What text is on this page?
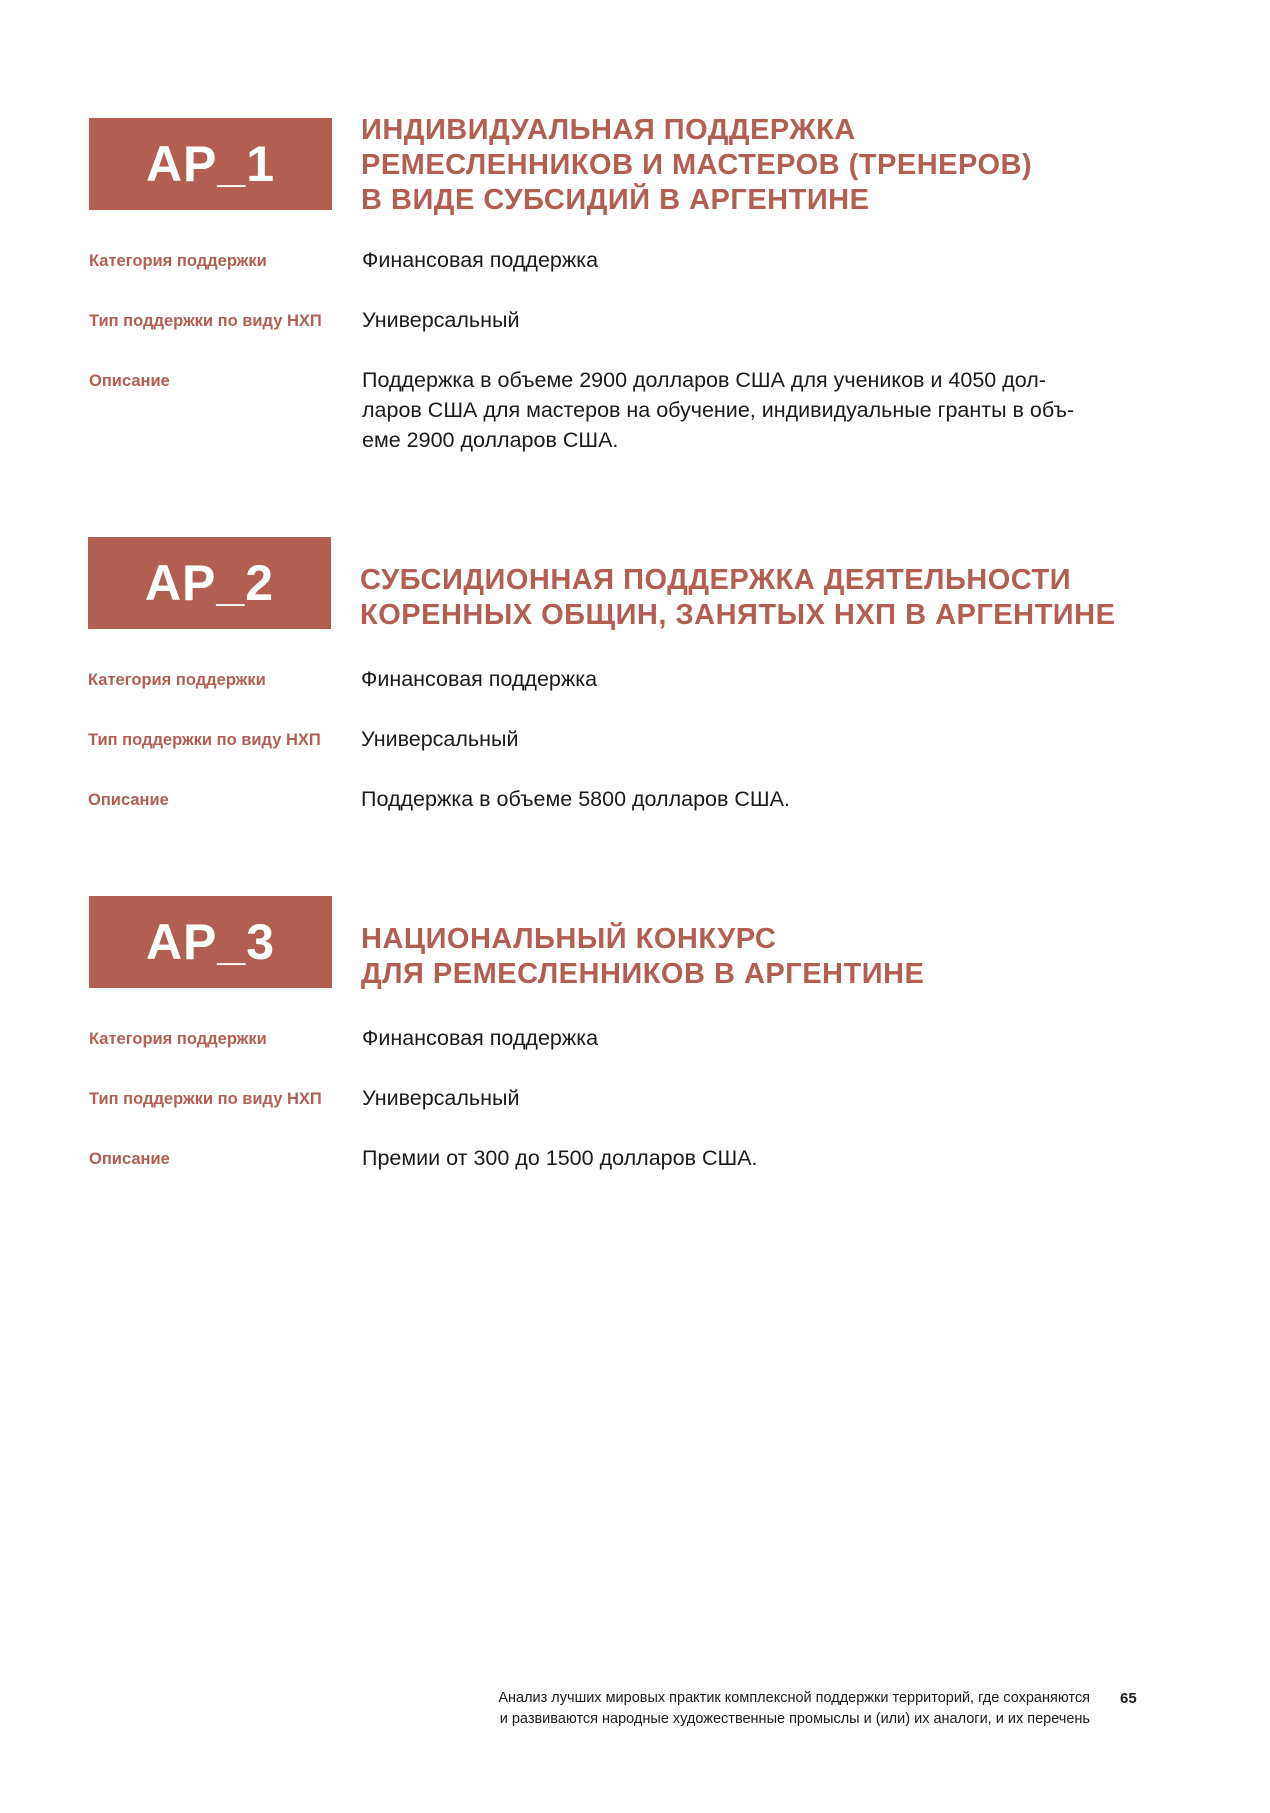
AP_1
ИНДИВИДУАЛЬНАЯ ПОДДЕРЖКА
РЕМЕСЛЕННИКОВ И МАСТЕРОВ (ТРЕНЕРОВ)
В ВИДЕ СУБСИДИЙ В АРГЕНТИНЕ
Категория поддержки	Финансовая поддержка
Тип поддержки по виду НХП	Универсальный
Описание	Поддержка в объеме 2900 долларов США для учеников и 4050 дол-
ларов США для мастеров на обучение, индивидуальные гранты в объ-
еме 2900 долларов США.
AP_2	СУБСИДИОННАЯ ПОДДЕРЖКА ДЕЯТЕЛЬНОСТИ
КОРЕННЫХ ОБЩИН, ЗАНЯТЫХ НХП В АРГЕНТИНЕ
Категория поддержки	Финансовая поддержка
Тип поддержки по виду НХП	Универсальный
Описание	Поддержка в объеме 5800 долларов США.
AP_3	НАЦИОНАЛЬНЫЙ КОНКУРС
ДЛЯ РЕМЕСЛЕННИКОВ В АРГЕНТИНЕ
Категория поддержки	Финансовая поддержка
Тип поддержки по виду НХП	Универсальный
Описание	Премии от 300 до 1500 долларов США.
Анализ лучших мировых практик комплексной поддержки территорий, где сохраняются
и развиваются народные художественные промыслы и (или) их аналоги, и их перечень
65
